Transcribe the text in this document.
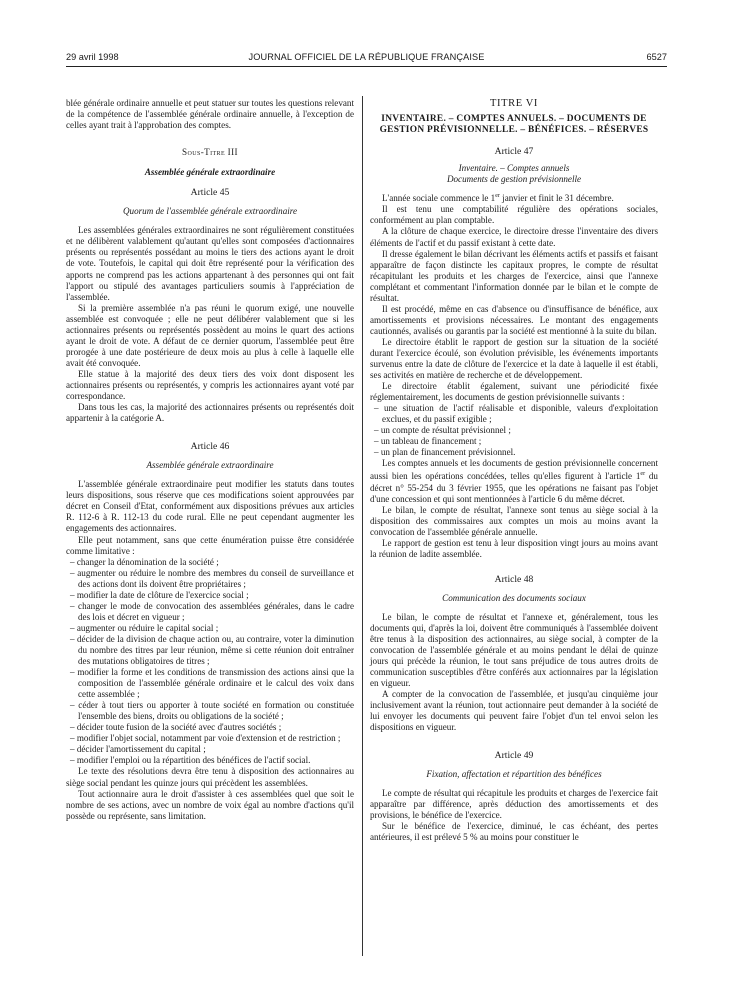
29 avril 1998	JOURNAL OFFICIEL DE LA RÉPUBLIQUE FRANÇAISE	6527

blée générale ordinaire annuelle et peut statuer sur toutes les questions relevant de la compétence de l'assemblée générale ordinaire annuelle, à l'exception de celles ayant trait à l'approbation des comptes.

Sous-Titre III
Assemblée générale extraordinaire
Article 45
Quorum de l'assemblée générale extraordinaire

Les assemblées générales extraordinaires ne sont régulièrement constituées et ne délibèrent valablement qu'autant qu'elles sont composées d'actionnaires présents ou représentés possédant au moins le tiers des actions ayant le droit de vote. Toutefois, le capital qui doit être représenté pour la vérification des apports ne comprend pas les actions appartenant à des personnes qui ont fait l'apport ou stipulé des avantages particuliers soumis à l'appréciation de l'assemblée.

Si la première assemblée n'a pas réuni le quorum exigé, une nouvelle assemblée est convoquée ; elle ne peut délibérer valablement que si les actionnaires présents ou représentés possèdent au moins le quart des actions ayant le droit de vote. A défaut de ce dernier quorum, l'assemblée peut être prorogée à une date postérieure de deux mois au plus à celle à laquelle elle avait été convoquée.

Elle statue à la majorité des deux tiers des voix dont disposent les actionnaires présents ou représentés, y compris les actionnaires ayant voté par correspondance.

Dans tous les cas, la majorité des actionnaires présents ou représentés doit appartenir à la catégorie A.

Article 46
Assemblée générale extraordinaire

L'assemblée générale extraordinaire peut modifier les statuts dans toutes leurs dispositions, sous réserve que ces modifications soient approuvées par décret en Conseil d'Etat, conformément aux dispositions prévues aux articles R. 112-6 à R. 112-13 du code rural. Elle ne peut cependant augmenter les engagements des actionnaires.

Elle peut notamment, sans que cette énumération puisse être considérée comme limitative :

– changer la dénomination de la société ;
– augmenter ou réduire le nombre des membres du conseil de surveillance et des actions dont ils doivent être propriétaires ;
– modifier la date de clôture de l'exercice social ;
– changer le mode de convocation des assemblées générales, dans le cadre des lois et décret en vigueur ;
– augmenter ou réduire le capital social ;
– décider de la division de chaque action ou, au contraire, voter la diminution du nombre des titres par leur réunion, même si cette réunion doit entraîner des mutations obligatoires de titres ;
– modifier la forme et les conditions de transmission des actions ainsi que la composition de l'assemblée générale ordinaire et le calcul des voix dans cette assemblée ;
– céder à tout tiers ou apporter à toute société en formation ou constituée l'ensemble des biens, droits ou obligations de la société ;
– décider toute fusion de la société avec d'autres sociétés ;
– modifier l'objet social, notamment par voie d'extension et de restriction ;
– décider l'amortissement du capital ;
– modifier l'emploi ou la répartition des bénéfices de l'actif social.

Le texte des résolutions devra être tenu à disposition des actionnaires au siège social pendant les quinze jours qui précèdent les assemblées.

Tout actionnaire aura le droit d'assister à ces assemblées quel que soit le nombre de ses actions, avec un nombre de voix égal au nombre d'actions qu'il possède ou représente, sans limitation.

TITRE VI
INVENTAIRE. – COMPTES ANNUELS. – DOCUMENTS DE GESTION PRÉVISIONNELLE. – BÉNÉFICES. – RÉSERVES
Article 47
Inventaire. – Comptes annuels
Documents de gestion prévisionnelle

L'année sociale commence le 1er janvier et finit le 31 décembre.

Il est tenu une comptabilité régulière des opérations sociales, conformément au plan comptable.

A la clôture de chaque exercice, le directoire dresse l'inventaire des divers éléments de l'actif et du passif existant à cette date.

Il dresse également le bilan décrivant les éléments actifs et passifs et faisant apparaître de façon distincte les capitaux propres, le compte de résultat récapitulant les produits et les charges de l'exercice, ainsi que l'annexe complétant et commentant l'information donnée par le bilan et le compte de résultat.

Il est procédé, même en cas d'absence ou d'insuffisance de bénéfice, aux amortissements et provisions nécessaires. Le montant des engagements cautionnés, avalisés ou garantis par la société est mentionné à la suite du bilan.

Le directoire établit le rapport de gestion sur la situation de la société durant l'exercice écoulé, son évolution prévisible, les événements importants survenus entre la date de clôture de l'exercice et la date à laquelle il est établi, ses activités en matière de recherche et de développement.

Le directoire établit également, suivant une périodicité fixée réglementairement, les documents de gestion prévisionnelle suivants :

– une situation de l'actif réalisable et disponible, valeurs d'exploitation exclues, et du passif exigible ;
– un compte de résultat prévisionnel ;
– un tableau de financement ;
– un plan de financement prévisionnel.

Les comptes annuels et les documents de gestion prévisionnelle concernent aussi bien les opérations concédées, telles qu'elles figurent à l'article 1er du décret n° 55-254 du 3 février 1955, que les opérations ne faisant pas l'objet d'une concession et qui sont mentionnées à l'article 6 du même décret.

Le bilan, le compte de résultat, l'annexe sont tenus au siège social à la disposition des commissaires aux comptes un mois au moins avant la convocation de l'assemblée générale annuelle.

Le rapport de gestion est tenu à leur disposition vingt jours au moins avant la réunion de ladite assemblée.

Article 48
Communication des documents sociaux

Le bilan, le compte de résultat et l'annexe et, généralement, tous les documents qui, d'après la loi, doivent être communiqués à l'assemblée doivent être tenus à la disposition des actionnaires, au siège social, à compter de la convocation de l'assemblée générale et au moins pendant le délai de quinze jours qui précède la réunion, le tout sans préjudice de tous autres droits de communication susceptibles d'être conférés aux actionnaires par la législation en vigueur.

A compter de la convocation de l'assemblée, et jusqu'au cinquième jour inclusivement avant la réunion, tout actionnaire peut demander à la société de lui envoyer les documents qui peuvent faire l'objet d'un tel envoi selon les dispositions en vigueur.

Article 49
Fixation, affectation et répartition des bénéfices

Le compte de résultat qui récapitule les produits et charges de l'exercice fait apparaître par différence, après déduction des amortissements et des provisions, le bénéfice de l'exercice.

Sur le bénéfice de l'exercice, diminué, le cas échéant, des pertes antérieures, il est prélevé 5 % au moins pour constituer le
